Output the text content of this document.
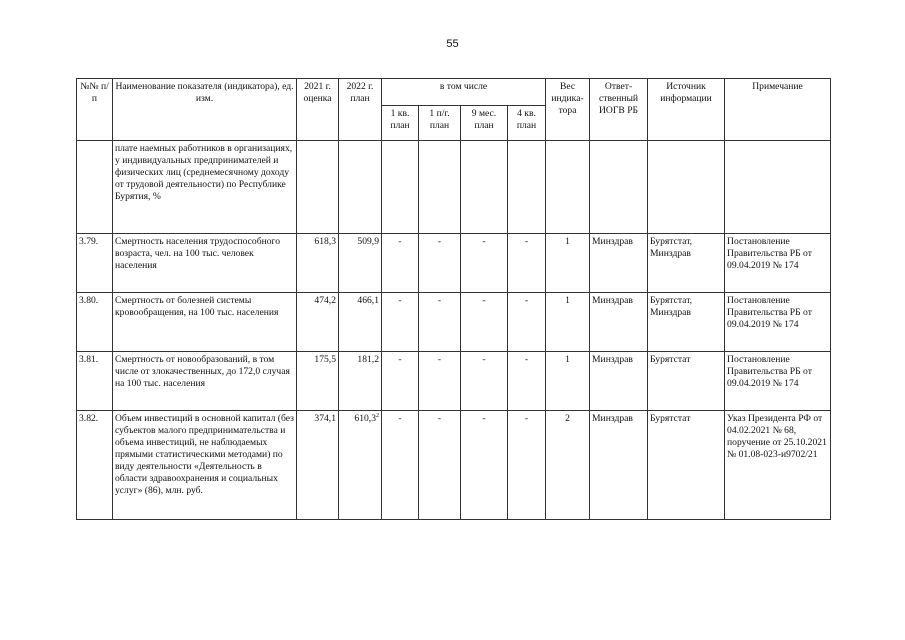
55
№№ п/п	Наименование показателя (индикатора), ед. изм.	2021 г. оценка	2022 г. план	в том числе				Вес индика-тора	Ответ-ственный ИОГВ РБ	Источник информации	Примечание
				1 кв. план	1 п/г. план	9 мес. план	4 кв. план				
	плате наемных работников в организациях, у индивидуальных предпринимателей и физических лиц (среднемесячному доходу от трудовой деятельности) по Республике Бурятия, %										
3.79.	Смертность населения трудоспособного возраста, чел. на 100 тыс. человек населения	618,3	509,9	-	-	-	-	1	Минздрав	Бурятстат, Минздрав	Постановление Правительства РБ от 09.04.2019 № 174
3.80.	Смертность от болезней системы кровообращения, на 100 тыс. населения	474,2	466,1	-	-	-	-	1	Минздрав	Бурятстат, Минздрав	Постановление Правительства РБ от 09.04.2019 № 174
3.81.	Смертность от новообразований, в том числе от злокачественных, до 172,0 случая на 100 тыс. населения	175,5	181,2	-	-	-	-	1	Минздрав	Бурятстат	Постановление Правительства РБ от 09.04.2019 № 174
3.82.	Объем инвестиций в основной капитал (без субъектов малого предпринимательства и объема инвестиций, не наблюдаемых прямыми статистическими методами) по виду деятельности «Деятельность в области здравоохранения и социальных услуг» (86), млн. руб.	374,1	610,3$^2$	-	-	-	-	2	Минздрав	Бурятстат	Указ Президента РФ от 04.02.2021 № 68, поручение от 25.10.2021 № 01.08-023-и9702/21
